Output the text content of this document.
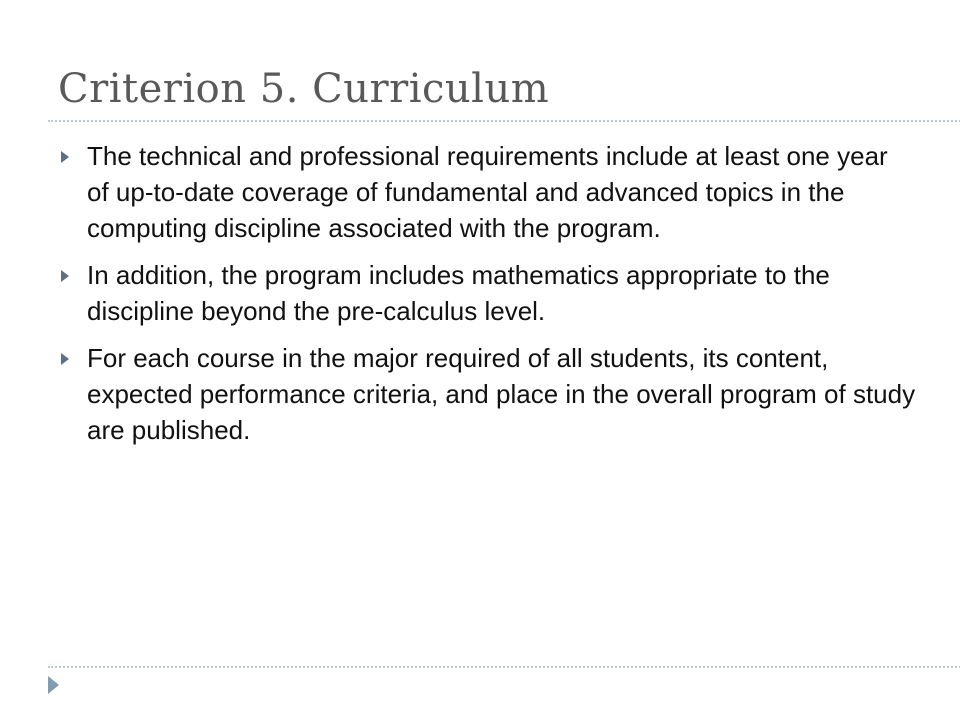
Criterion 5. Curriculum
The technical and professional requirements include at least one year of up-to-date coverage of fundamental and advanced topics in the computing discipline associated with the program.
In addition, the program includes mathematics appropriate to the discipline beyond the pre-calculus level.
For each course in the major required of all students, its content, expected performance criteria, and place in the overall program of study are published.
